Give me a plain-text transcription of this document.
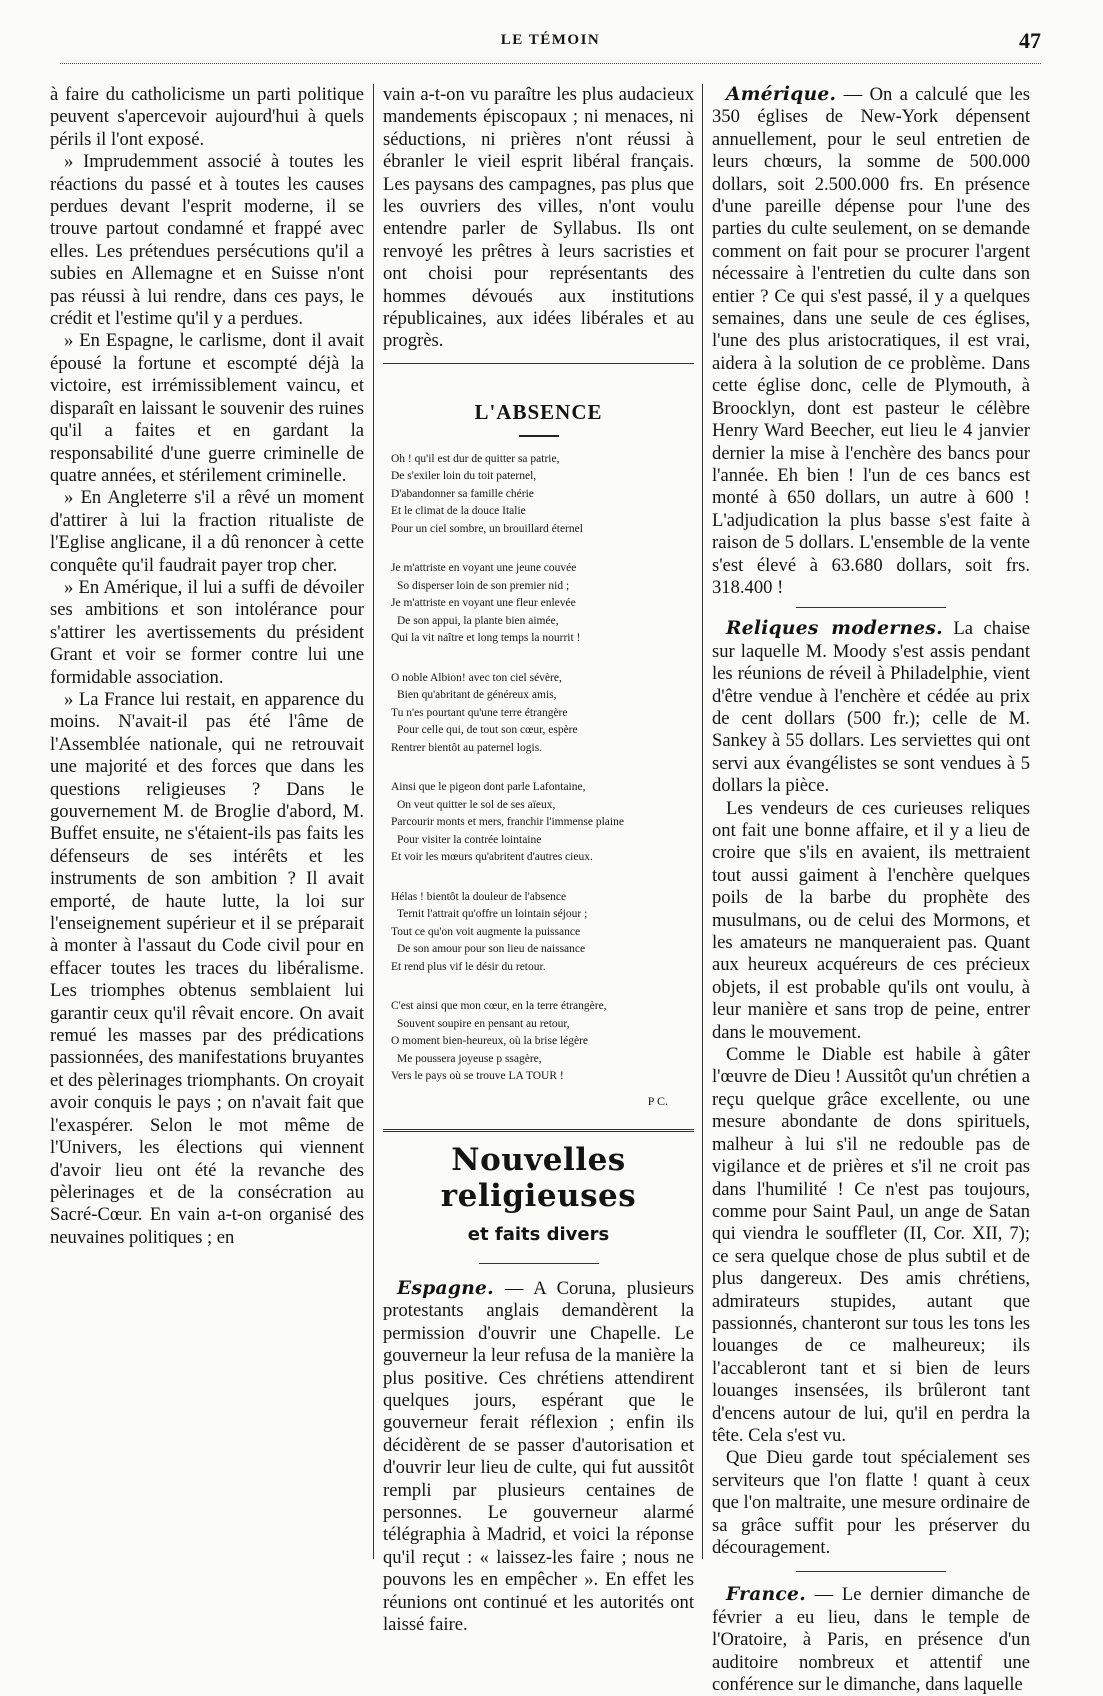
LE TÉMOIN	47

à faire du catholicisme un parti politique peuvent s'apercevoir aujourd'hui à quels périls il l'ont exposé.

» Imprudemment associé à toutes les réactions du passé et à toutes les causes perdues devant l'esprit moderne, il se trouve partout condamné et frappé avec elles. Les prétendues persécutions qu'il a subies en Allemagne et en Suisse n'ont pas réussi à lui rendre, dans ces pays, le crédit et l'estime qu'il y a perdues.

» En Espagne, le carlisme, dont il avait épousé la fortune et escompté déjà la victoire, est irrémissiblement vaincu, et disparaît en laissant le souvenir des ruines qu'il a faites et en gardant la responsabilité d'une guerre criminelle de quatre années, et stérilement criminelle.

» En Angleterre s'il a rêvé un moment d'attirer à lui la fraction ritualiste de l'Eglise anglicane, il a dû renoncer à cette conquête qu'il faudrait payer trop cher.

» En Amérique, il lui a suffi de dévoiler ses ambitions et son intolérance pour s'attirer les avertissements du président Grant et voir se former contre lui une formidable association.

» La France lui restait, en apparence du moins. N'avait-il pas été l'âme de l'Assemblée nationale, qui ne retrouvait une majorité et des forces que dans les questions religieuses ? Dans le gouvernement M. de Broglie d'abord, M. Buffet ensuite, ne s'étaient-ils pas faits les défenseurs de ses intérêts et les instruments de son ambition ? Il avait emporté, de haute lutte, la loi sur l'enseignement supérieur et il se préparait à monter à l'assaut du Code civil pour en effacer toutes les traces du libéralisme. Les triomphes obtenus semblaient lui garantir ceux qu'il rêvait encore. On avait remué les masses par des prédications passionnées, des manifestations bruyantes et des pèlerinages triomphants. On croyait avoir conquis le pays ; on n'avait fait que l'exaspérer. Selon le mot même de l'Univers, les élections qui viennent d'avoir lieu ont été la revanche des pèlerinages et de la consécration au Sacré-Cœur. En vain a-t-on organisé des neuvaines politiques ; en

vain a-t-on vu paraître les plus audacieux mandements épiscopaux ; ni menaces, ni séductions, ni prières n'ont réussi à ébranler le vieil esprit libéral français. Les paysans des campagnes, pas plus que les ouvriers des villes, n'ont voulu entendre parler de Syllabus. Ils ont renvoyé les prêtres à leurs sacristies et ont choisi pour représentants des hommes dévoués aux institutions républicaines, aux idées libérales et au progrès.

L'ABSENCE
Oh ! qu'il est dur de quitter sa patrie,
De s'exiler loin du toit paternel,
D'abandonner sa famille chérie
Et le climat de la douce Italie
Pour un ciel sombre, un brouillard éternel
Je m'attriste en voyant une jeune couvée
So disperser loin de son premier nid ;
Je m'attriste en voyant une fleur enlevée
De son appui, la plante bien aimée,
Qui la vit naître et long temps la nourrit !
O noble Albion! avec ton ciel sévère,
Bien qu'abritant de généreux amis,
Tu n'es pourtant qu'une terre étrangère
Pour celle qui, de tout son cœur, espère
Rentrer bientôt au paternel logis.
Ainsi que le pigeon dont parle Lafontaine,
On veut quitter le sol de ses aïeux,
Parcourir monts et mers, franchir l'immense plaine
Pour visiter la contrée lointaine
Et voir les mœurs qu'abritent d'autres cieux.
Hélas ! bientôt la douleur de l'absence
Ternit l'attrait qu'offre un lointain séjour ;
Tout ce qu'on voit augmente la puissance
De son amour pour son lieu de naissance
Et rend plus vif le désir du retour.
C'est ainsi que mon cœur, en la terre étrangère,
Souvent soupire en pensant au retour,
O moment bien-heureux, où la brise légère
Me poussera joyeuse p ssagère,
Vers le pays où se trouve LA TOUR !
P C.
Nouvelles religieuses
et faits divers

Espagne. — A Coruna, plusieurs protestants anglais demandèrent la permission d'ouvrir une Chapelle. Le gouverneur la leur refusa de la manière la plus positive. Ces chrétiens attendirent quelques jours, espérant que le gouverneur ferait réflexion ; enfin ils décidèrent de se passer d'autorisation et d'ouvrir leur lieu de culte, qui fut aussitôt rempli par plusieurs centaines de personnes. Le gouverneur alarmé télégraphia à Madrid, et voici la réponse qu'il reçut : « laissez-les faire ; nous ne pouvons les en empêcher ». En effet les réunions ont continué et les autorités ont laissé faire.

Amérique. — On a calculé que les 350 églises de New-York dépensent annuellement, pour le seul entretien de leurs chœurs, la somme de 500.000 dollars, soit 2.500.000 frs. En présence d'une pareille dépense pour l'une des parties du culte seulement, on se demande comment on fait pour se procurer l'argent nécessaire à l'entretien du culte dans son entier ? Ce qui s'est passé, il y a quelques semaines, dans une seule de ces églises, l'une des plus aristocratiques, il est vrai, aidera à la solution de ce problème. Dans cette église donc, celle de Plymouth, à Broocklyn, dont est pasteur le célèbre Henry Ward Beecher, eut lieu le 4 janvier dernier la mise à l'enchère des bancs pour l'année. Eh bien ! l'un de ces bancs est monté à 650 dollars, un autre à 600 ! L'adjudication la plus basse s'est faite à raison de 5 dollars. L'ensemble de la vente s'est élevé à 63.680 dollars, soit frs. 318.400 !

Reliques modernes. La chaise sur laquelle M. Moody s'est assis pendant les réunions de réveil à Philadelphie, vient d'être vendue à l'enchère et cédée au prix de cent dollars (500 fr.); celle de M. Sankey à 55 dollars. Les serviettes qui ont servi aux évangélistes se sont vendues à 5 dollars la pièce.

Les vendeurs de ces curieuses reliques ont fait une bonne affaire, et il y a lieu de croire que s'ils en avaient, ils mettraient tout aussi gaiment à l'enchère quelques poils de la barbe du prophète des musulmans, ou de celui des Mormons, et les amateurs ne manqueraient pas. Quant aux heureux acquéreurs de ces précieux objets, il est probable qu'ils ont voulu, à leur manière et sans trop de peine, entrer dans le mouvement.

Comme le Diable est habile à gâter l'œuvre de Dieu ! Aussitôt qu'un chrétien a reçu quelque grâce excellente, ou une mesure abondante de dons spirituels, malheur à lui s'il ne redouble pas de vigilance et de prières et s'il ne croit pas dans l'humilité ! Ce n'est pas toujours, comme pour Saint Paul, un ange de Satan qui viendra le souffleter (II, Cor. XII, 7); ce sera quelque chose de plus subtil et de plus dangereux. Des amis chrétiens, admirateurs stupides, autant que passionnés, chanteront sur tous les tons les louanges de ce malheureux; ils l'accableront tant et si bien de leurs louanges insensées, ils brûleront tant d'encens autour de lui, qu'il en perdra la tête. Cela s'est vu.

Que Dieu garde tout spécialement ses serviteurs que l'on flatte ! quant à ceux que l'on maltraite, une mesure ordinaire de sa grâce suffit pour les préserver du découragement.

France. — Le dernier dimanche de février a eu lieu, dans le temple de l'Oratoire, à Paris, en présence d'un auditoire nombreux et attentif une conférence sur le dimanche, dans laquelle
